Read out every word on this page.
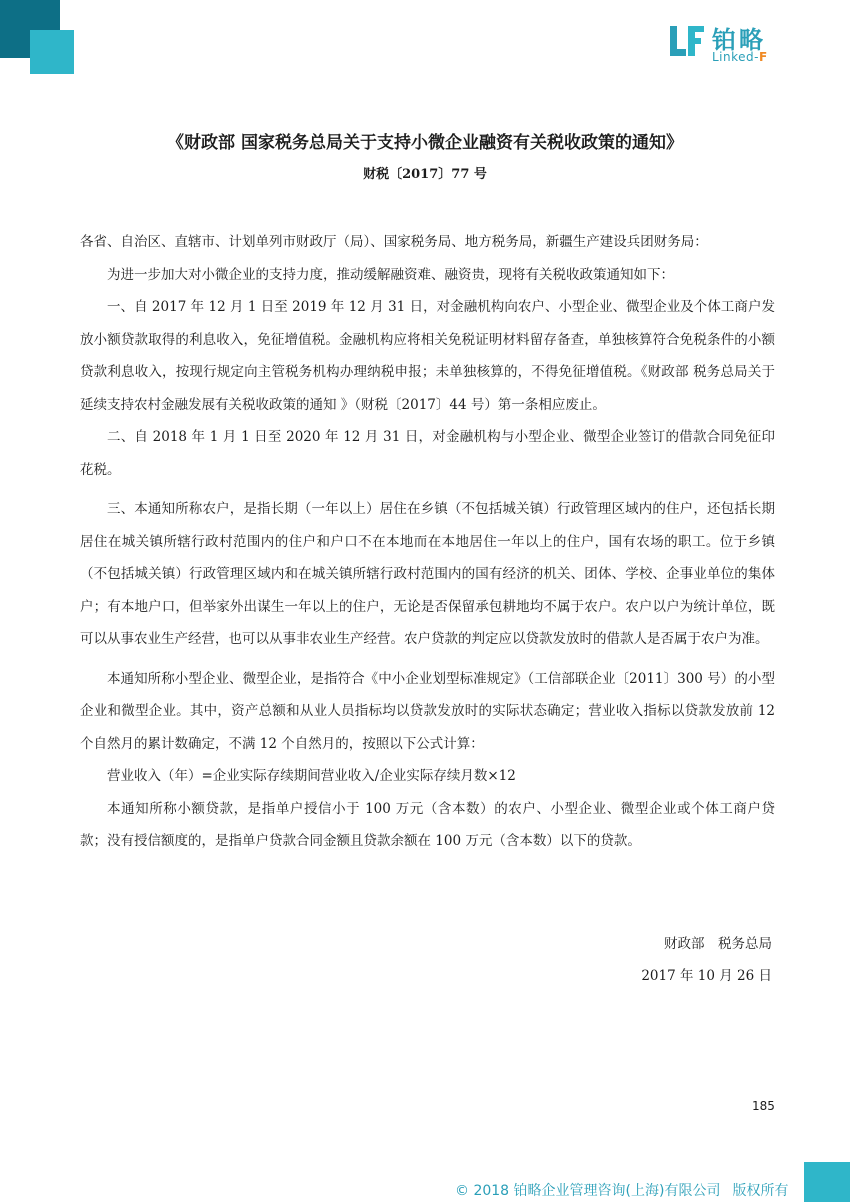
铂略
Linked-F
《财政部 国家税务总局关于支持小微企业融资有关税收政策的通知》
财税〔2017〕77 号

各省、自治区、直辖市、计划单列市财政厅（局）、国家税务局、地方税务局，新疆生产建设兵团财务局：

为进一步加大对小微企业的支持力度，推动缓解融资难、融资贵，现将有关税收政策通知如下：

一、自 2017 年 12 月 1 日至 2019 年 12 月 31 日，对金融机构向农户、小型企业、微型企业及个体工商户发放小额贷款取得的利息收入，免征增值税。金融机构应将相关免税证明材料留存备查，单独核算符合免税条件的小额贷款利息收入，按现行规定向主管税务机构办理纳税申报；未单独核算的，不得免征增值税。《财政部 税务总局关于延续支持农村金融发展有关税收政策的通知 》（财税〔2017〕44 号）第一条相应废止。

二、自 2018 年 1 月 1 日至 2020 年 12 月 31 日，对金融机构与小型企业、微型企业签订的借款合同免征印花税。

三、本通知所称农户，是指长期（一年以上）居住在乡镇（不包括城关镇）行政管理区域内的住户，还包括长期居住在城关镇所辖行政村范围内的住户和户口不在本地而在本地居住一年以上的住户，国有农场的职工。位于乡镇（不包括城关镇）行政管理区域内和在城关镇所辖行政村范围内的国有经济的机关、团体、学校、企事业单位的集体户；有本地户口，但举家外出谋生一年以上的住户，无论是否保留承包耕地均不属于农户。农户以户为统计单位，既可以从事农业生产经营，也可以从事非农业生产经营。农户贷款的判定应以贷款发放时的借款人是否属于农户为准。

本通知所称小型企业、微型企业，是指符合《中小企业划型标准规定》（工信部联企业〔2011〕300 号）的小型企业和微型企业。其中，资产总额和从业人员指标均以贷款发放时的实际状态确定；营业收入指标以贷款发放前 12 个自然月的累计数确定，不满 12 个自然月的，按照以下公式计算：

营业收入（年）=企业实际存续期间营业收入/企业实际存续月数×12

本通知所称小额贷款，是指单户授信小于 100 万元（含本数）的农户、小型企业、微型企业或个体工商户贷款；没有授信额度的，是指单户贷款合同金额且贷款余额在 100 万元（含本数）以下的贷款。

财政部　税务总局
2017 年 10 月 26 日
185
© 2018 铂略企业管理咨询(上海)有限公司 版权所有
